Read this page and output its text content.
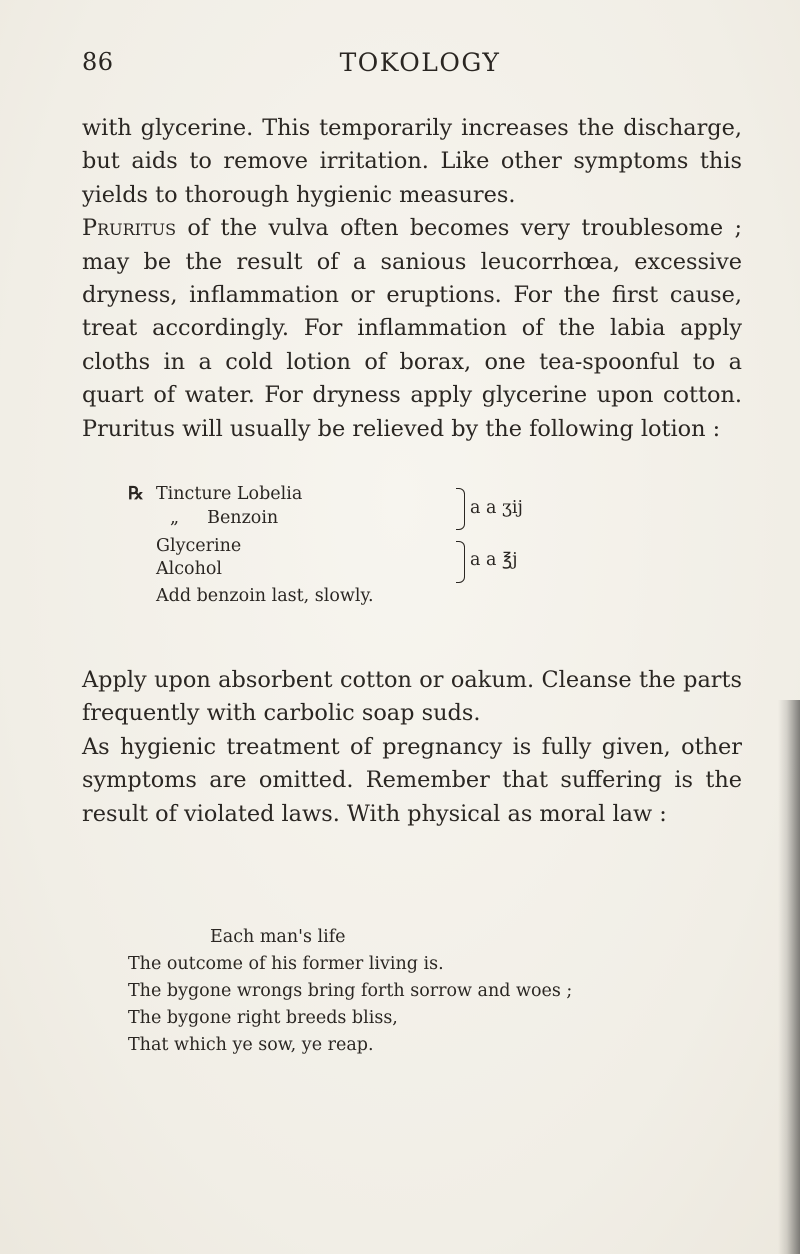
86	TOKOLOGY

with glycerine. This temporarily increases the discharge, but aids to remove irritation. Like other symptoms this yields to thorough hygienic measures.

Pruritus of the vulva often becomes very troublesome ; may be the result of a sanious leucorrhœa, excessive dryness, inflammation or eruptions. For the first cause, treat accordingly. For inflammation of the labia apply cloths in a cold lotion of borax, one tea-spoonful to a quart of water. For dryness apply glycerine upon cotton. Pruritus will usually be relieved by the following lotion :

℞ Tincture Lobelia
„ Benzoin	a a ʒij
Glycerine
Alcohol	a a ℥j
Add benzoin last, slowly.

Apply upon absorbent cotton or oakum. Cleanse the parts frequently with carbolic soap suds.

As hygienic treatment of pregnancy is fully given, other symptoms are omitted. Remember that suffering is the result of violated laws. With physical as moral law :

Each man's life
The outcome of his former living is.
The bygone wrongs bring forth sorrow and woes ;
The bygone right breeds bliss,
That which ye sow, ye reap.
